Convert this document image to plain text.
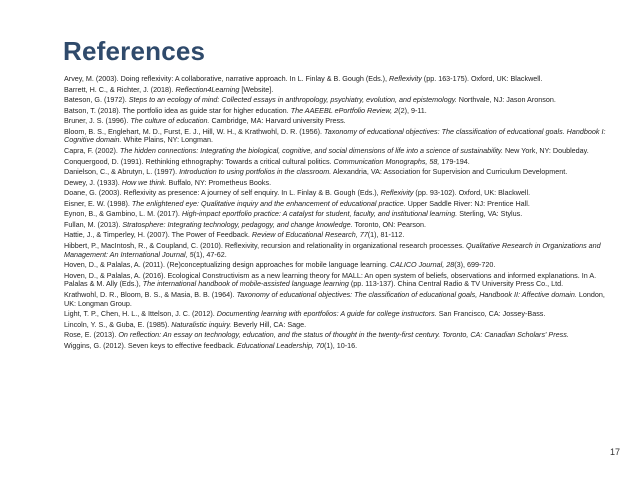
References
Arvey, M. (2003). Doing reflexivity: A collaborative, narrative approach. In L. Finlay & B. Gough (Eds.), Reflexivity (pp. 163-175). Oxford, UK: Blackwell.
Barrett, H. C., & Richter, J. (2018). Reflection4Learning [Website].
Bateson, G. (1972). Steps to an ecology of mind: Collected essays in anthropology, psychiatry, evolution, and epistemology. Northvale, NJ: Jason Aronson.
Batson, T. (2018). The portfolio idea as guide star for higher education. The AAEEBL ePortfolio Review, 2(2), 9-11.
Bruner, J. S. (1996). The culture of education. Cambridge, MA: Harvard university Press.
Bloom, B. S., Englehart, M. D., Furst, E. J., Hill, W. H., & Krathwohl, D. R. (1956). Taxonomy of educational objectives: The classification of educational goals. Handbook I: Cognitive domain. White Plains, NY: Longman.
Capra, F. (2002). The hidden connections: Integrating the biological, cognitive, and social dimensions of life into a science of sustainability. New York, NY: Doubleday.
Conquergood, D. (1991). Rethinking ethnography: Towards a critical cultural politics. Communication Monographs, 58, 179-194.
Danielson, C., & Abrutyn, L. (1997). Introduction to using portfolios in the classroom. Alexandria, VA: Association for Supervision and Curriculum Development.
Dewey, J. (1933). How we think. Buffalo, NY: Prometheus Books.
Doane, G. (2003). Reflexivity as presence: A journey of self enquiry. In L. Finlay & B. Gough (Eds.), Reflexivity (pp. 93-102). Oxford, UK: Blackwell.
Eisner, E. W. (1998). The enlightened eye: Qualitative inquiry and the enhancement of educational practice. Upper Saddle River: NJ: Prentice Hall.
Eynon, B., & Gambino, L. M. (2017). High-impact eportfolio practice: A catalyst for student, faculty, and institutional learning. Sterling, VA: Stylus.
Fullan, M. (2013). Stratosphere: Integrating technology, pedagogy, and change knowledge. Toronto, ON: Pearson.
Hattie, J., & Timperley, H. (2007). The Power of Feedback. Review of Educational Research, 77(1), 81-112.
Hibbert, P., MacIntosh, R., & Coupland, C. (2010). Reflexivity, recursion and relationality in organizational research processes. Qualitative Research in Organizations and Management: An International Journal, 5(1), 47-62.
Hoven, D., & Palalas, A. (2011). (Re)conceptualizing design approaches for mobile language learning. CALICO Journal, 28(3), 699-720.
Hoven, D., & Palalas, A. (2016). Ecological Constructivism as a new learning theory for MALL: An open system of beliefs, observations and informed explanations. In A. Palalas & M. Ally (Eds.), The international handbook of mobile-assisted language learning (pp. 113-137). China Central Radio & TV University Press Co., Ltd.
Krathwohl, D. R., Bloom, B. S., & Masia, B. B. (1964). Taxonomy of educational objectives: The classification of educational goals, Handbook II: Affective domain. London, UK: Longman Group.
Light, T. P., Chen, H. L., & Ittelson, J. C. (2012). Documenting learning with eportfolios: A guide for college instructors. San Francisco, CA: Jossey-Bass.
Lincoln, Y. S., & Guba, E. (1985). Naturalistic inquiry. Beverly Hill, CA: Sage.
Rose, E. (2013). On reflection: An essay on technology, education, and the status of thought in the twenty-first century. Toronto, CA: Canadian Scholars' Press.
Wiggins, G. (2012). Seven keys to effective feedback. Educational Leadership, 70(1), 10-16.
17
